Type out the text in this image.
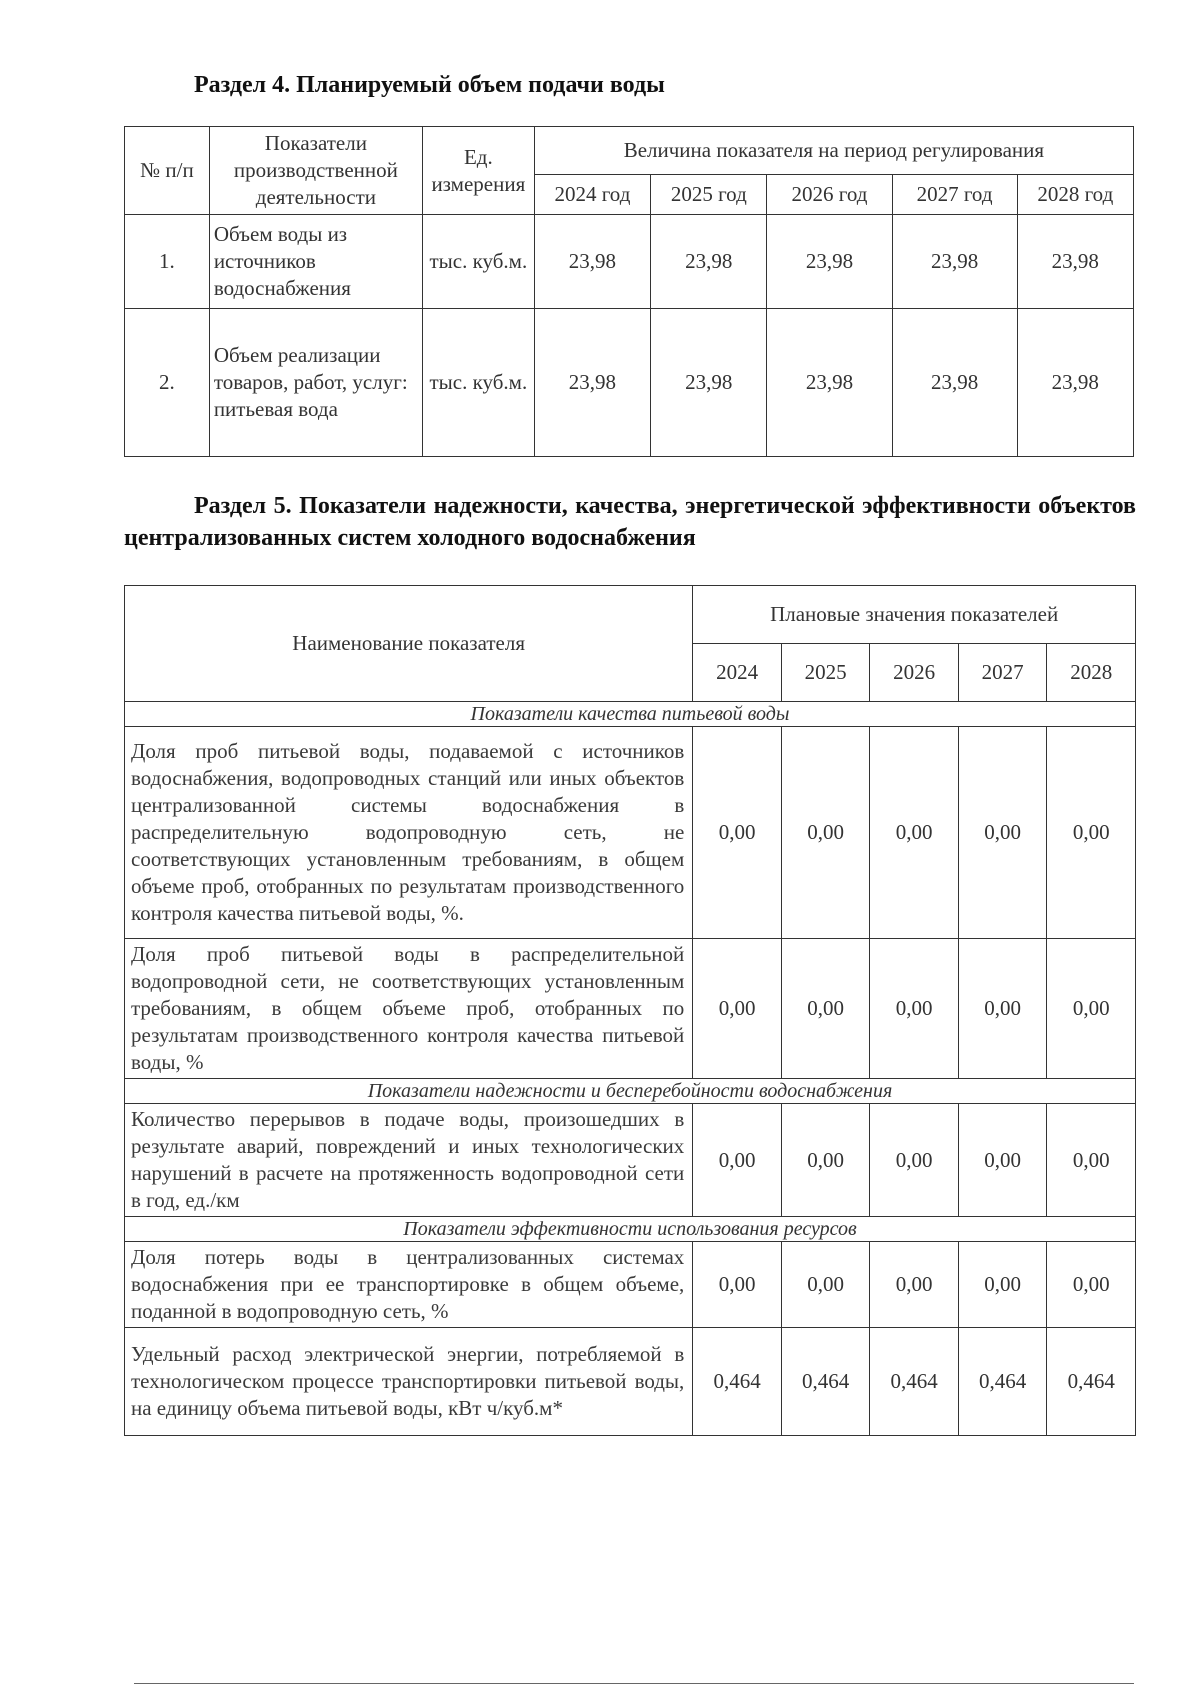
Раздел 4. Планируемый объем подачи воды
№ п/п	Показатели производственной деятельности	Ед. измерения	Величина показателя на период регулирования				
			2024 год	2025 год	2026 год	2027 год	2028 год
1.	Объем воды из источников водоснабжения	тыс. куб.м.	23,98	23,98	23,98	23,98	23,98
2.	Объем реализации товаров, работ, услуг: питьевая вода	тыс. куб.м.	23,98	23,98	23,98	23,98	23,98
Раздел 5. Показатели надежности, качества, энергетической эффективности объектов централизованных систем холодного водоснабжения
Наименование показателя	Плановые значения показателей				
	2024	2025	2026	2027	2028
Показатели качества питьевой воды					
Доля проб питьевой воды, подаваемой с источников водоснабжения, водопроводных станций или иных объектов централизованной системы водоснабжения в распределительную водопроводную сеть, не соответствующих установленным требованиям, в общем объеме проб, отобранных по результатам производственного контроля качества питьевой воды, %.	0,00	0,00	0,00	0,00	0,00
Доля проб питьевой воды в распределительной водопроводной сети, не соответствующих установленным требованиям, в общем объеме проб, отобранных по результатам производственного контроля качества питьевой воды, %	0,00	0,00	0,00	0,00	0,00
Показатели надежности и бесперебойности водоснабжения					
Количество перерывов в подаче воды, произошедших в результате аварий, повреждений и иных технологических нарушений в расчете на протяженность водопроводной сети в год, ед./км	0,00	0,00	0,00	0,00	0,00
Показатели эффективности использования ресурсов					
Доля потерь воды в централизованных системах водоснабжения при ее транспортировке в общем объеме, поданной в водопроводную сеть, %	0,00	0,00	0,00	0,00	0,00
Удельный расход электрической энергии, потребляемой в технологическом процессе транспортировки питьевой воды, на единицу объема питьевой воды, кВт ч/куб.м*	0,464	0,464	0,464	0,464	0,464
